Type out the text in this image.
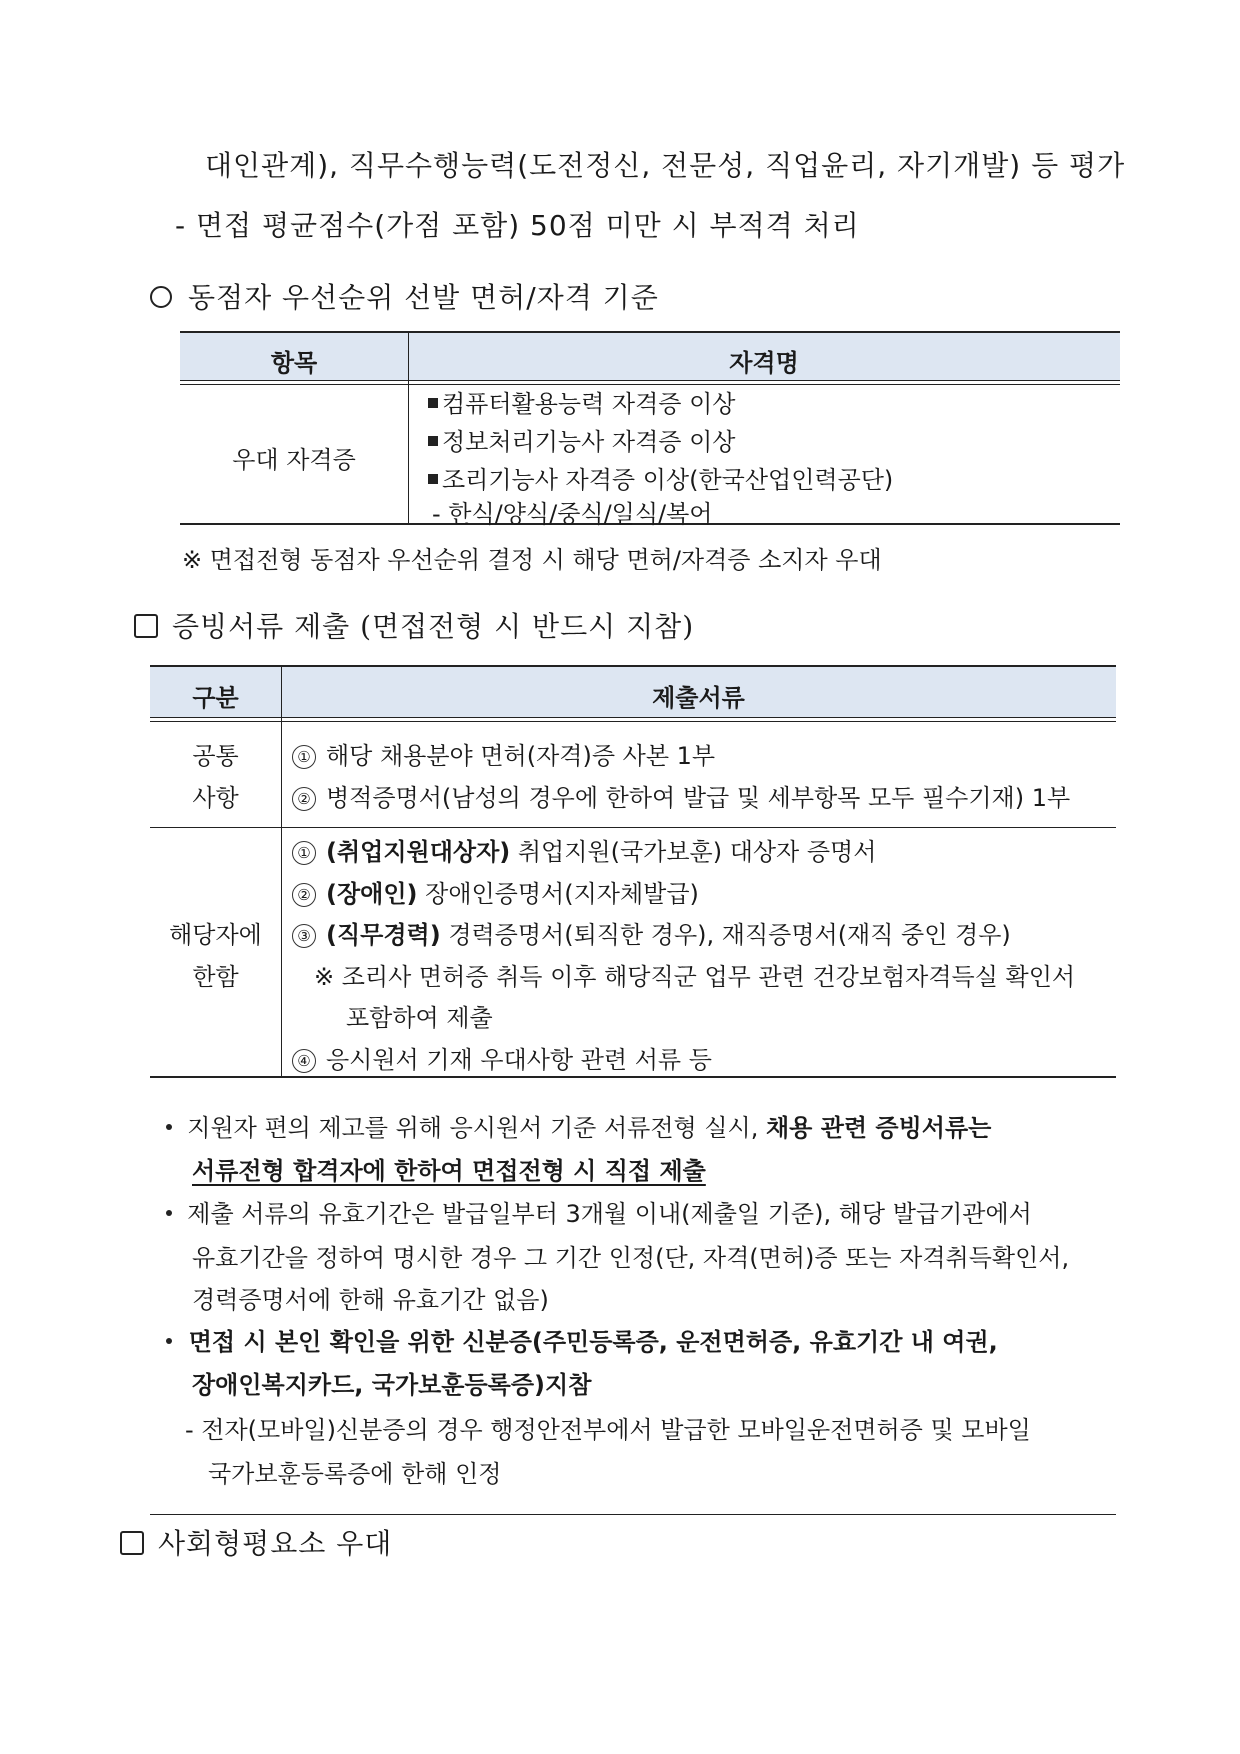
대인관계), 직무수행능력(도전정신, 전문성, 직업윤리, 자기개발) 등 평가
- 면접 평균점수(가점 포함) 50점 미만 시 부적격 처리
동점자 우선순위 선발 면허/자격 기준
항목	자격명
우대 자격증
컴퓨터활용능력 자격증 이상
정보처리기능사 자격증 이상
조리기능사 자격증 이상(한국산업인력공단)
- 한식/양식/중식/일식/복어
※ 면접전형 동점자 우선순위 결정 시 해당 면허/자격증 소지자 우대
증빙서류 제출 (면접전형 시 반드시 지참)
구분	제출서류
공통
사항
① 해당 채용분야 면허(자격)증 사본 1부
② 병적증명서(남성의 경우에 한하여 발급 및 세부항목 모두 필수기재) 1부
해당자에
한함
① (취업지원대상자) 취업지원(국가보훈) 대상자 증명서
② (장애인) 장애인증명서(지자체발급)
③ (직무경력) 경력증명서(퇴직한 경우), 재직증명서(재직 중인 경우)
※ 조리사 면허증 취득 이후 해당직군 업무 관련 건강보험자격득실 확인서
포함하여 제출
④ 응시원서 기재 우대사항 관련 서류 등
지원자 편의 제고를 위해 응시원서 기준 서류전형 실시, 채용 관련 증빙서류는
서류전형 합격자에 한하여 면접전형 시 직접 제출
제출 서류의 유효기간은 발급일부터 3개월 이내(제출일 기준), 해당 발급기관에서
유효기간을 정하여 명시한 경우 그 기간 인정(단, 자격(면허)증 또는 자격취득확인서,
경력증명서에 한해 유효기간 없음)
면접 시 본인 확인을 위한 신분증(주민등록증, 운전면허증, 유효기간 내 여권,
장애인복지카드, 국가보훈등록증)지참
- 전자(모바일)신분증의 경우 행정안전부에서 발급한 모바일운전면허증 및 모바일
국가보훈등록증에 한해 인정
사회형평요소 우대
